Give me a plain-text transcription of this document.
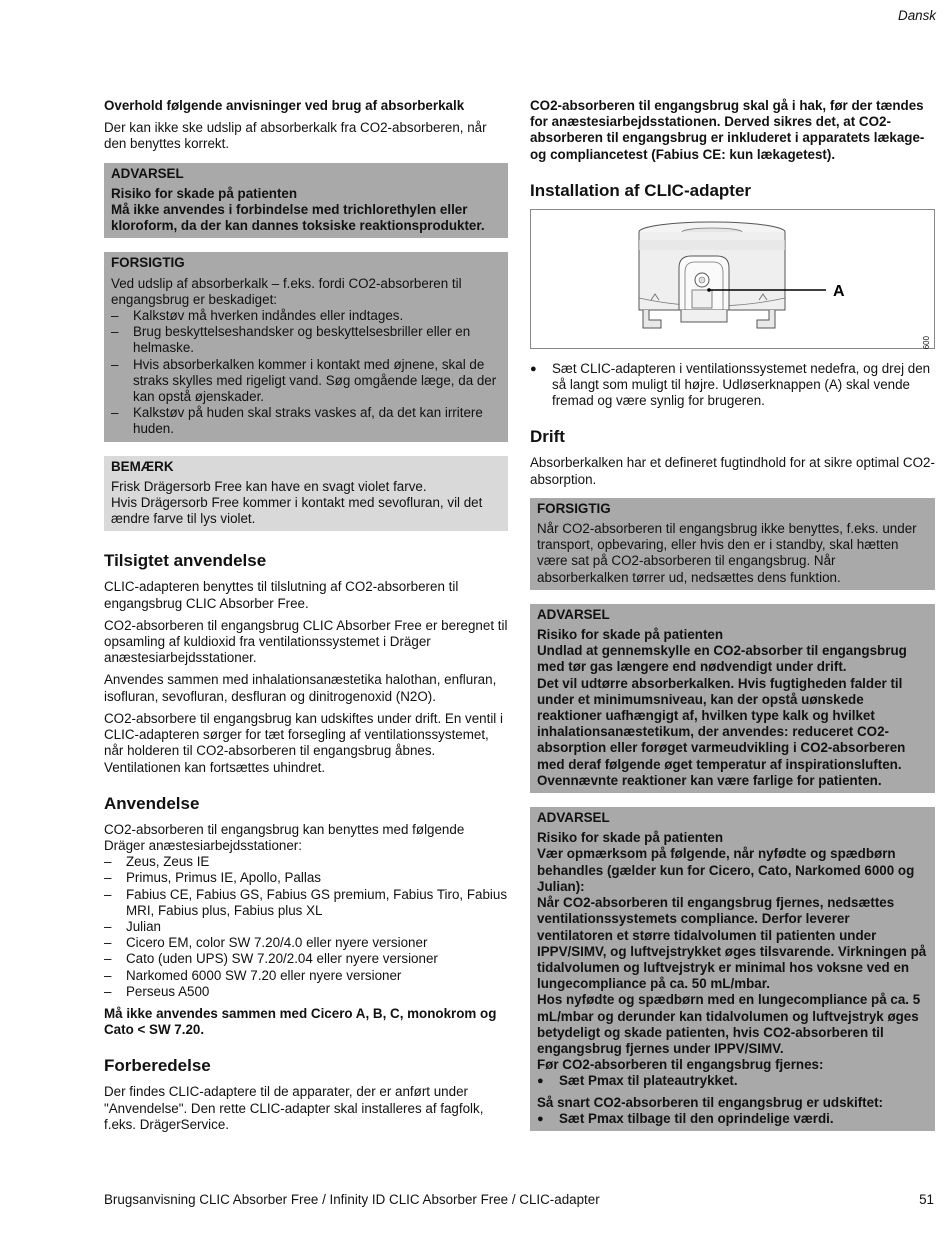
Dansk

Overhold følgende anvisninger ved brug af absorberkalk

Der kan ikke ske udslip af absorberkalk fra CO2-absorberen, når den benyttes korrekt.

ADVARSEL
Risiko for skade på patienten
Må ikke anvendes i forbindelse med trichlorethylen eller kloroform, da der kan dannes toksiske reaktionsprodukter.
FORSIGTIG
Ved udslip af absorberkalk – f.eks. fordi CO2-absorberen til engangsbrug er beskadiget:
–	Kalkstøv må hverken indåndes eller indtages.
–	Brug beskyttelseshandsker og beskyttelsesbriller eller en helmaske.
–	Hvis absorberkalken kommer i kontakt med øjnene, skal de straks skylles med rigeligt vand. Søg omgående læge, da der kan opstå øjenskader.
–	Kalkstøv på huden skal straks vaskes af, da det kan irritere huden.
BEMÆRK
Frisk Drägersorb Free kan have en svagt violet farve.
Hvis Drägersorb Free kommer i kontakt med sevofluran, vil det ændre farve til lys violet.
Tilsigtet anvendelse

CLIC-adapteren benyttes til tilslutning af CO2-absorberen til engangsbrug CLIC Absorber Free.

CO2-absorberen til engangsbrug CLIC Absorber Free er beregnet til opsamling af kuldioxid fra ventilationssystemet i Dräger anæstesiarbejdsstationer.

Anvendes sammen med inhalationsanæstetika halothan, enfluran, isofluran, sevofluran, desfluran og dinitrogenoxid (N2O).

CO2-absorbere til engangsbrug kan udskiftes under drift. En ventil i CLIC-adapteren sørger for tæt forsegling af ventilationssystemet, når holderen til CO2-absorberen til engangsbrug åbnes. Ventilationen kan fortsættes uhindret.

Anvendelse
CO2-absorberen til engangsbrug kan benyttes med følgende Dräger anæstesiarbejdsstationer:
–	Zeus, Zeus IE
–	Primus, Primus IE, Apollo, Pallas
–	Fabius CE, Fabius GS, Fabius GS premium, Fabius Tiro, Fabius MRI, Fabius plus, Fabius plus XL
–	Julian
–	Cicero EM, color SW 7.20/4.0 eller nyere versioner
–	Cato (uden UPS) SW 7.20/2.04 eller nyere versioner
–	Narkomed 6000 SW 7.20 eller nyere versioner
–	Perseus A500

Må ikke anvendes sammen med Cicero A, B, C, monokrom og Cato < SW 7.20.

Forberedelse

Der findes CLIC-adaptere til de apparater, der er anført under "Anvendelse". Den rette CLIC-adapter skal installeres af fagfolk, f.eks. DrägerService.

CO2-absorberen til engangsbrug skal gå i hak, før der tændes for anæstesiarbejdsstationen. Derved sikres det, at CO2-absorberen til engangsbrug er inkluderet i apparatets lækage- og compliancetest (Fabius CE: kun lækagetest).

Installation af CLIC-adapter
A
●	Sæt CLIC-adapteren i ventilationssystemet nedefra, og drej den så langt som muligt til højre. Udløserknappen (A) skal vende fremad og være synlig for brugeren.
Drift

Absorberkalken har et defineret fugtindhold for at sikre optimal CO2-absorption.

FORSIGTIG
Når CO2-absorberen til engangsbrug ikke benyttes, f.eks. under transport, opbevaring, eller hvis den er i standby, skal hætten være sat på CO2-absorberen til engangsbrug. Når absorberkalken tørrer ud, nedsættes dens funktion.
ADVARSEL
Risiko for skade på patienten
Undlad at gennemskylle en CO2-absorber til engangsbrug med tør gas længere end nødvendigt under drift.
Det vil udtørre absorberkalken. Hvis fugtigheden falder til under et minimumsniveau, kan der opstå uønskede reaktioner uafhængigt af, hvilken type kalk og hvilket inhalationsanæstetikum, der anvendes: reduceret CO2-absorption eller forøget varmeudvikling i CO2-absorberen med deraf følgende øget temperatur af inspirationsluften. Ovennævnte reaktioner kan være farlige for patienten.
ADVARSEL
Risiko for skade på patienten
Vær opmærksom på følgende, når nyfødte og spædbørn behandles (gælder kun for Cicero, Cato, Narkomed 6000 og Julian):
Når CO2-absorberen til engangsbrug fjernes, nedsættes ventilationssystemets compliance. Derfor leverer ventilatoren et større tidalvolumen til patienten under IPPV/SIMV, og luftvejstrykket øges tilsvarende. Virkningen på tidalvolumen og luftvejstryk er minimal hos voksne ved en lungecompliance på ca. 50 mL/mbar.
Hos nyfødte og spædbørn med en lungecompliance på ca. 5 mL/mbar og derunder kan tidalvolumen og luftvejstryk øges betydeligt og skade patienten, hvis CO2-absorberen til engangsbrug fjernes under IPPV/SIMV.
Før CO2-absorberen til engangsbrug fjernes:
●	Sæt Pmax til plateautrykket.
Så snart CO2-absorberen til engangsbrug er udskiftet:
●	Sæt Pmax tilbage til den oprindelige værdi.
009
Brugsanvisning CLIC Absorber Free / Infinity ID CLIC Absorber Free / CLIC-adapter	51
